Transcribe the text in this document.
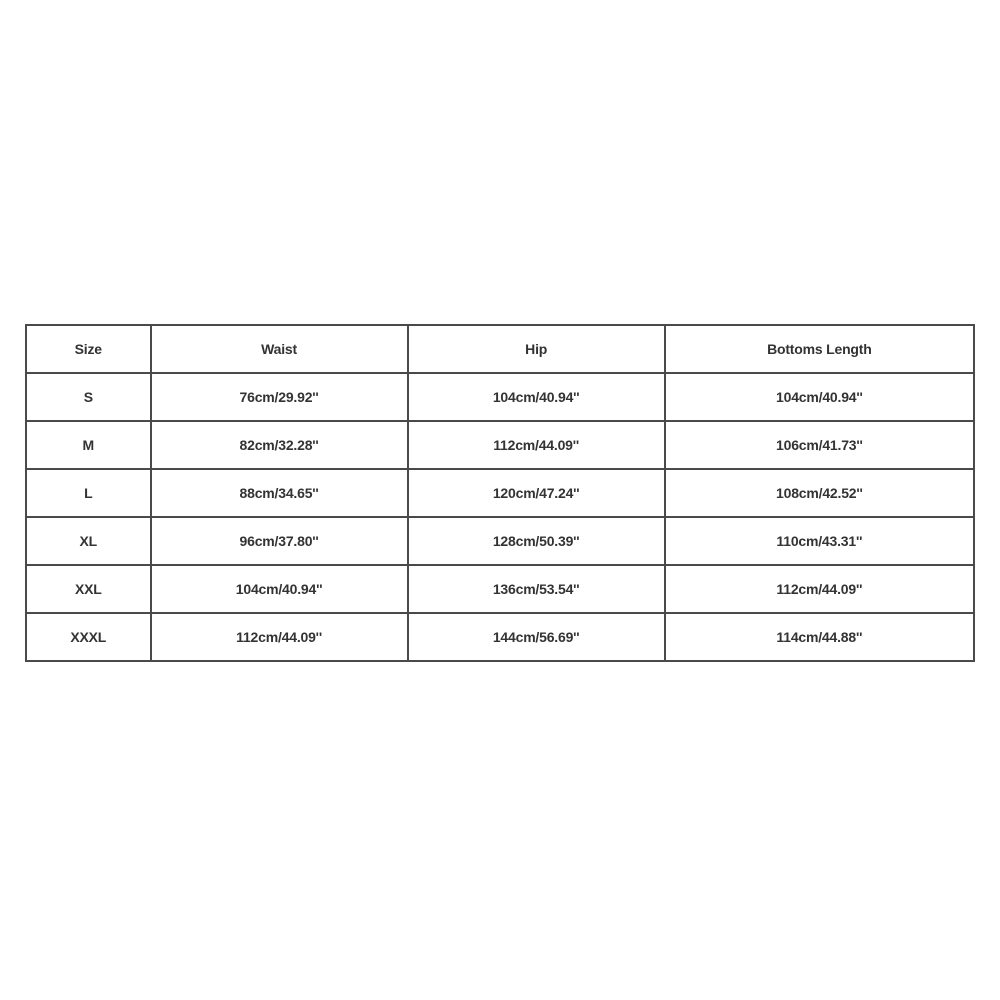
Size	Waist	Hip	Bottoms Length
S	76cm/29.92''	104cm/40.94''	104cm/40.94''
M	82cm/32.28''	112cm/44.09''	106cm/41.73''
L	88cm/34.65''	120cm/47.24''	108cm/42.52''
XL	96cm/37.80''	128cm/50.39''	110cm/43.31''
XXL	104cm/40.94''	136cm/53.54''	112cm/44.09''
XXXL	112cm/44.09''	144cm/56.69''	114cm/44.88''
